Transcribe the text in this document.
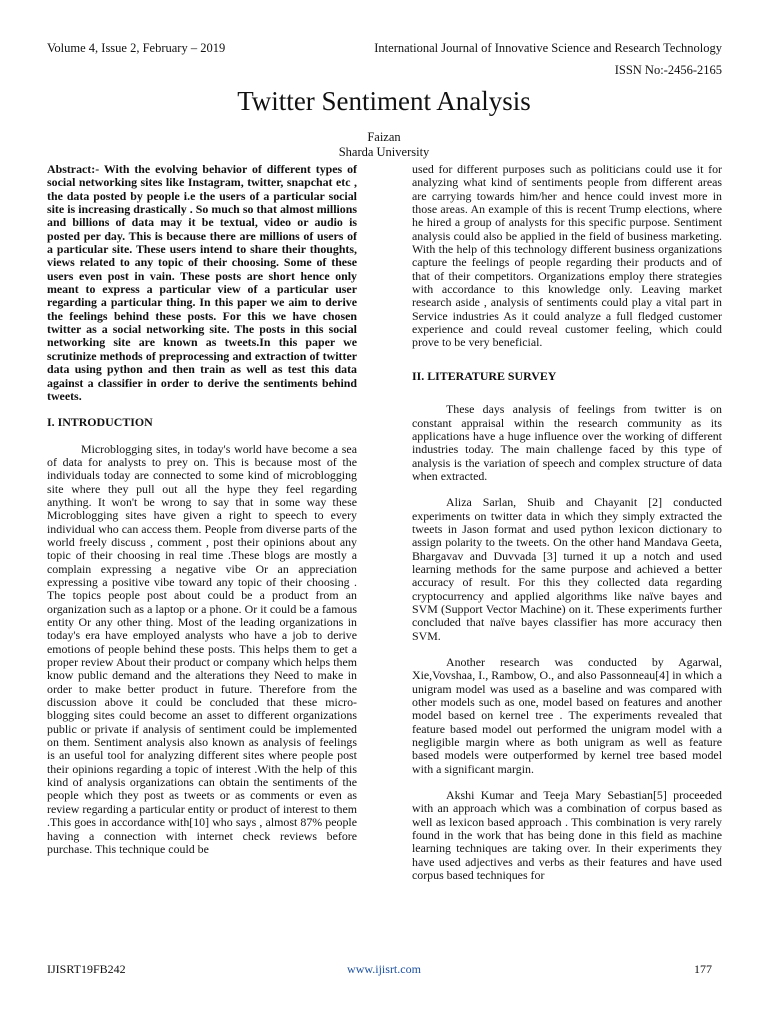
Volume 4, Issue 2, February – 2019	International Journal of Innovative Science and Research Technology
ISSN No:-2456-2165
Twitter Sentiment Analysis
Faizan
Sharda University

Abstract:- With the evolving behavior of different types of social networking sites like Instagram, twitter, snapchat etc , the data posted by people i.e the users of a particular social site is increasing drastically . So much so that almost millions and billions of data may it be textual, video or audio is posted per day. This is because there are millions of users of a particular site. These users intend to share their thoughts, views related to any topic of their choosing. Some of these users even post in vain. These posts are short hence only meant to express a particular view of a particular user regarding a particular thing. In this paper we aim to derive the feelings behind these posts. For this we have chosen twitter as a social networking site. The posts in this social networking site are known as tweets.In this paper we scrutinize methods of preprocessing and extraction of twitter data using python and then train as well as test this data against a classifier in order to derive the sentiments behind tweets.

I. INTRODUCTION

Microblogging sites, in today's world have become a sea of data for analysts to prey on. This is because most of the individuals today are connected to some kind of microblogging site where they pull out all the hype they feel regarding anything. It won't be wrong to say that in some way these Microblogging sites have given a right to speech to every individual who can access them. People from diverse parts of the world freely discuss , comment , post their opinions about any topic of their choosing in real time .These blogs are mostly a complain expressing a negative vibe Or an appreciation expressing a positive vibe toward any topic of their choosing . The topics people post about could be a product from an organization such as a laptop or a phone. Or it could be a famous entity Or any other thing. Most of the leading organizations in today's era have employed analysts who have a job to derive emotions of people behind these posts. This helps them to get a proper review About their product or company which helps them know public demand and the alterations they Need to make in order to make better product in future. Therefore from the discussion above it could be concluded that these micro-blogging sites could become an asset to different organizations public or private if analysis of sentiment could be implemented on them. Sentiment analysis also known as analysis of feelings is an useful tool for analyzing different sites where people post their opinions regarding a topic of interest .With the help of this kind of analysis organizations can obtain the sentiments of the people which they post as tweets or as comments or even as review regarding a particular entity or product of interest to them .This goes in accordance with[10] who says , almost 87% people having a connection with internet check reviews before purchase. This technique could be

used for different purposes such as politicians could use it for analyzing what kind of sentiments people from different areas are carrying towards him/her and hence could invest more in those areas. An example of this is recent Trump elections, where he hired a group of analysts for this specific purpose. Sentiment analysis could also be applied in the field of business marketing. With the help of this technology different business organizations capture the feelings of people regarding their products and of that of their competitors. Organizations employ there strategies with accordance to this knowledge only. Leaving market research aside , analysis of sentiments could play a vital part in Service industries As it could analyze a full fledged customer experience and could reveal customer feeling, which could prove to be very beneficial.

II. LITERATURE SURVEY

These days analysis of feelings from twitter is on constant appraisal within the research community as its applications have a huge influence over the working of different industries today. The main challenge faced by this type of analysis is the variation of speech and complex structure of data when extracted.

Aliza Sarlan, Shuib and Chayanit [2] conducted experiments on twitter data in which they simply extracted the tweets in Jason format and used python lexicon dictionary to assign polarity to the tweets. On the other hand Mandava Geeta, Bhargavav and Duvvada [3] turned it up a notch and used learning methods for the same purpose and achieved a better accuracy of result. For this they collected data regarding cryptocurrency and applied algorithms like naïve bayes and SVM (Support Vector Machine) on it. These experiments further concluded that naïve bayes classifier has more accuracy then SVM.

Another research was conducted by Agarwal, Xie,Vovshaa, I., Rambow, O., and also Passonneau[4] in which a unigram model was used as a baseline and was compared with other models such as one, model based on features and another model based on kernel tree . The experiments revealed that feature based model out performed the unigram model with a negligible margin where as both unigram as well as feature based models were outperformed by kernel tree based model with a significant margin.

Akshi Kumar and Teeja Mary Sebastian[5] proceeded with an approach which was a combination of corpus based as well as lexicon based approach . This combination is very rarely found in the work that has being done in this field as machine learning techniques are taking over. In their experiments they have used adjectives and verbs as their features and have used corpus based techniques for

IJISRT19FB242	www.ijisrt.com	177
